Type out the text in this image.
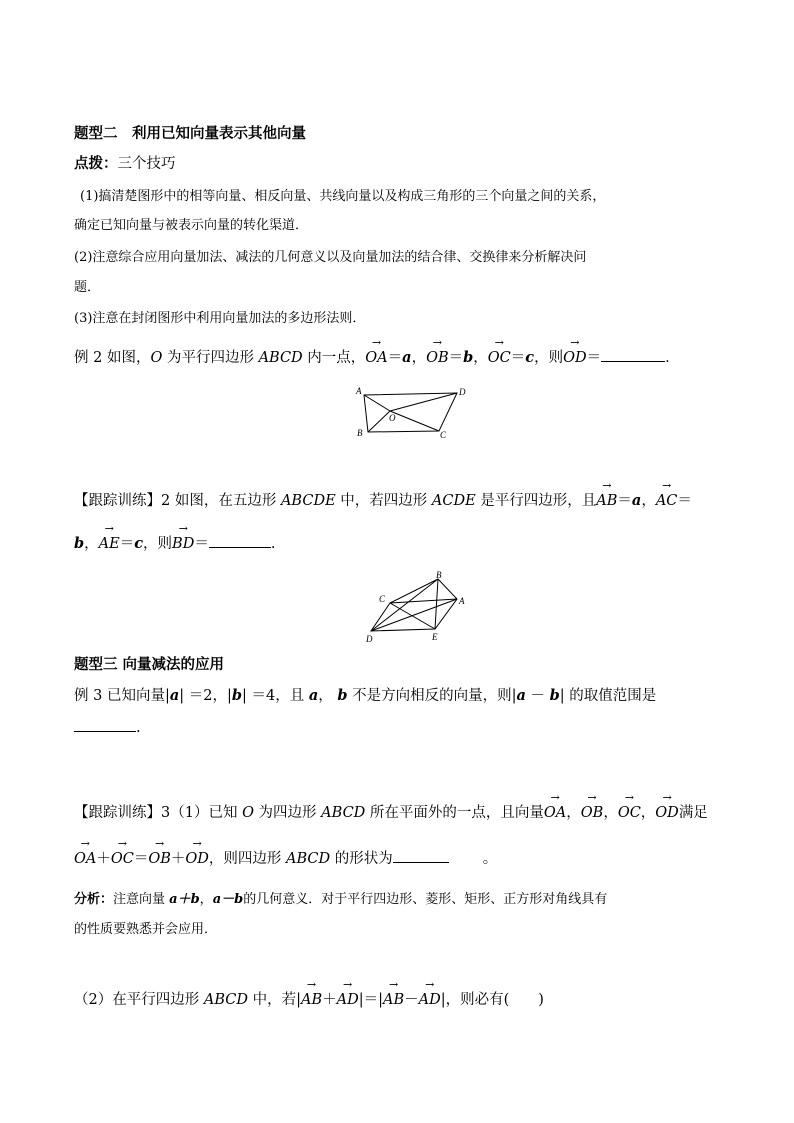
题型二　利用已知向量表示其他向量
点拨：三个技巧
(1)搞清楚图形中的相等向量、相反向量、共线向量以及构成三角形的三个向量之间的关系，
确定已知向量与被表示向量的转化渠道．
(2)注意综合应用向量加法、减法的几何意义以及向量加法的结合律、交换律来分析解决问
题．
(3)注意在封闭图形中利用向量加法的多边形法则．
例 2 如图，O 为平行四边形 ABCD 内一点，→ OA＝a，→ OB＝b，→ OC＝c，则→ OD＝	．
A	D
O
B	C
【跟踪训练】2 如图，在五边形 ABCDE 中，若四边形 ACDE 是平行四边形，且→ AB＝a，→ AC＝
b，→ AE＝c，则→ BD＝	.
B
C	A
D	E
题型三 向量减法的应用
例 3 已知向量|a| ＝2，|b| ＝4，且 a， b 不是方向相反的向量，则|a － b| 的取值范围是
.
【跟踪训练】3（1）已知 O 为四边形 ABCD 所在平面外的一点，且向量→ OA，→ OB，→ OC，→ OD满足
→ OA＋→ OC＝→ OB＋→ OD，则四边形 ABCD 的形状为	。
分析：注意向量 a＋b，a－b的几何意义．对于平行四边形、菱形、矩形、正方形对角线具有
的性质要熟悉并会应用．
（2）在平行四边形 ABCD 中，若|→ AB＋→ AD|＝|→ AB－→ AD|，则必有(　　)
